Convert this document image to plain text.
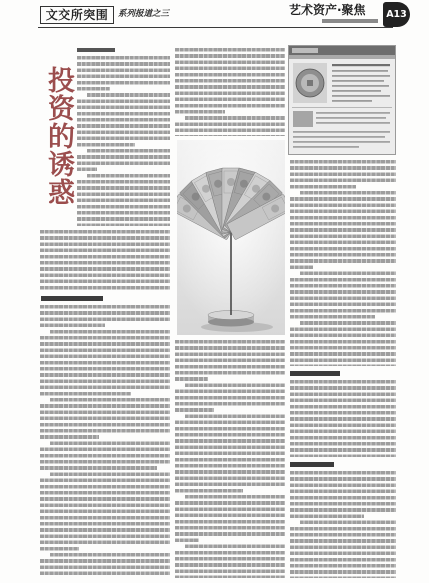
文交所突围	系列报道之三	艺术资产·聚焦	A13
投资的诱惑
